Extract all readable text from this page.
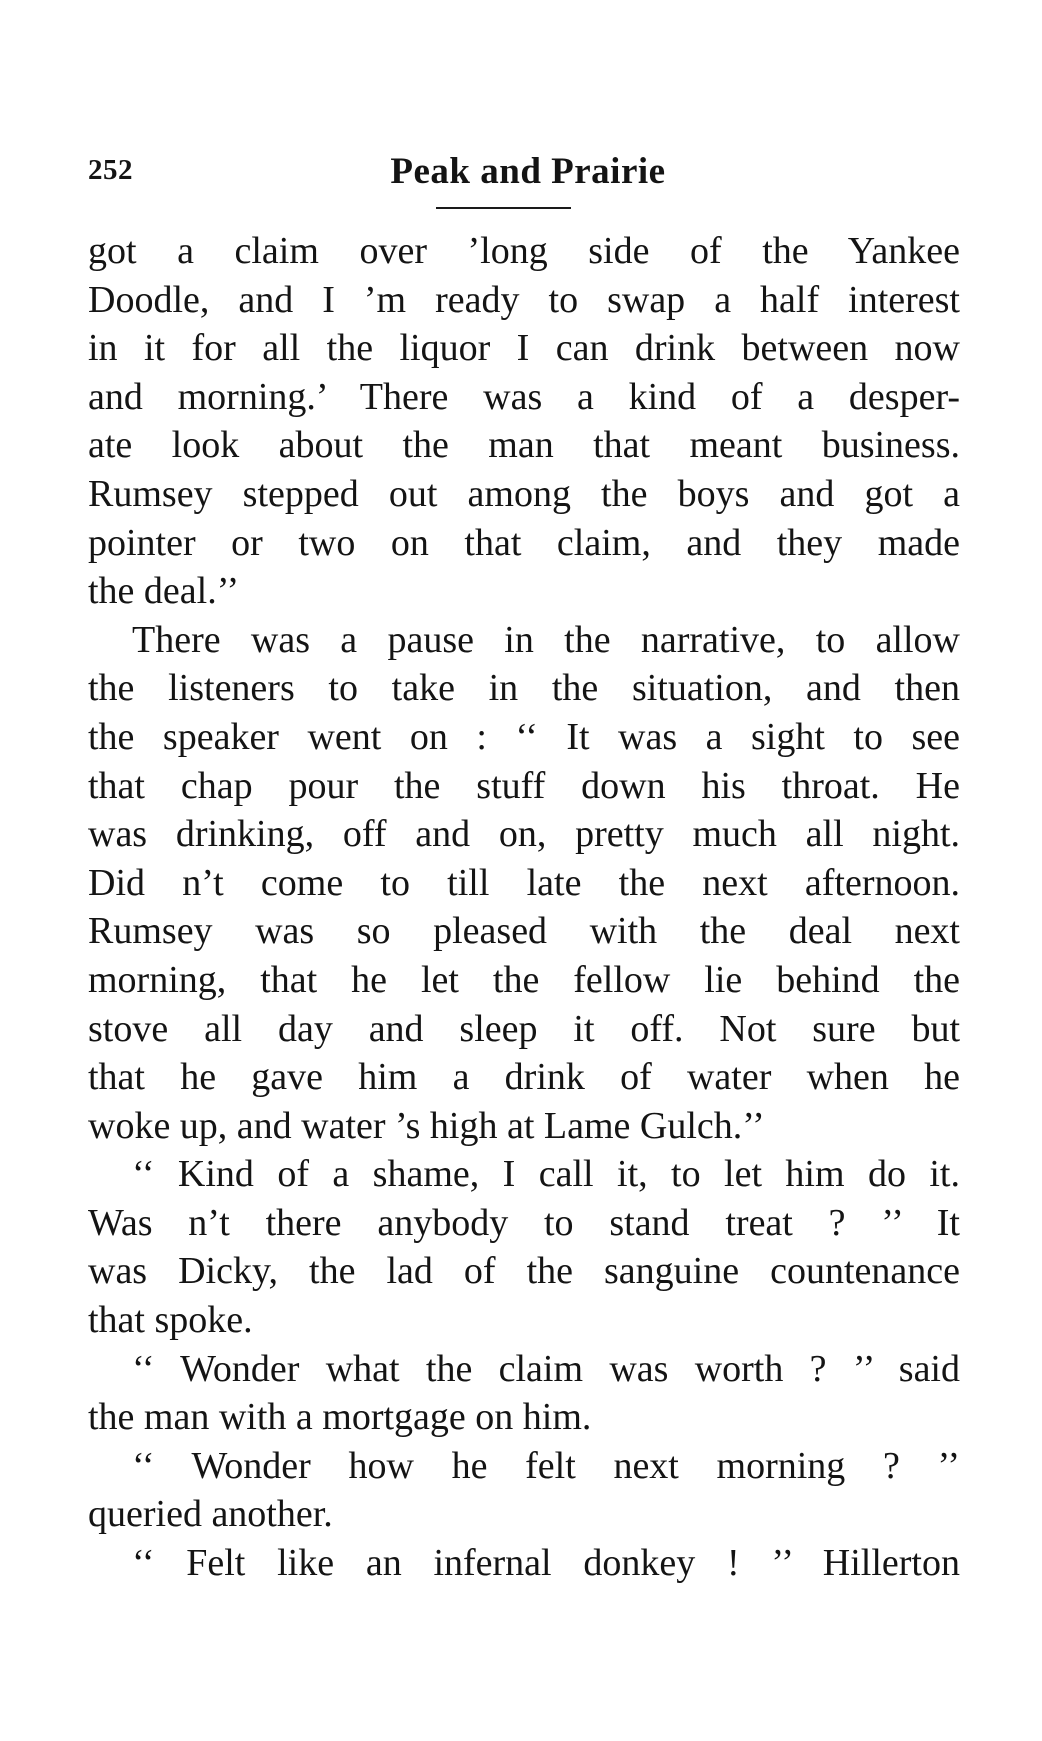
252	Peak and Prairie
got a claim over ’long side of the Yankee
Doodle, and I ’m ready to swap a half interest
in it for all the liquor I can drink between now
and morning.’ There was a kind of a desper-
ate look about the man that meant business.
Rumsey stepped out among the boys and got a
pointer or two on that claim, and they made
the deal.’’
There was a pause in the narrative, to allow
the listeners to take in the situation, and then
the speaker went on : ‘‘ It was a sight to see
that chap pour the stuff down his throat. He
was drinking, off and on, pretty much all night.
Did n’t come to till late the next afternoon.
Rumsey was so pleased with the deal next
morning, that he let the fellow lie behind the
stove all day and sleep it off. Not sure but
that he gave him a drink of water when he
woke up, and water ’s high at Lame Gulch.’’
‘‘ Kind of a shame, I call it, to let him do it.
Was n’t there anybody to stand treat ? ’’ It
was Dicky, the lad of the sanguine countenance
that spoke.
‘‘ Wonder what the claim was worth ? ’’ said
the man with a mortgage on him.
‘‘ Wonder how he felt next morning ? ’’
queried another.
‘‘ Felt like an infernal donkey ! ’’ Hillerton
